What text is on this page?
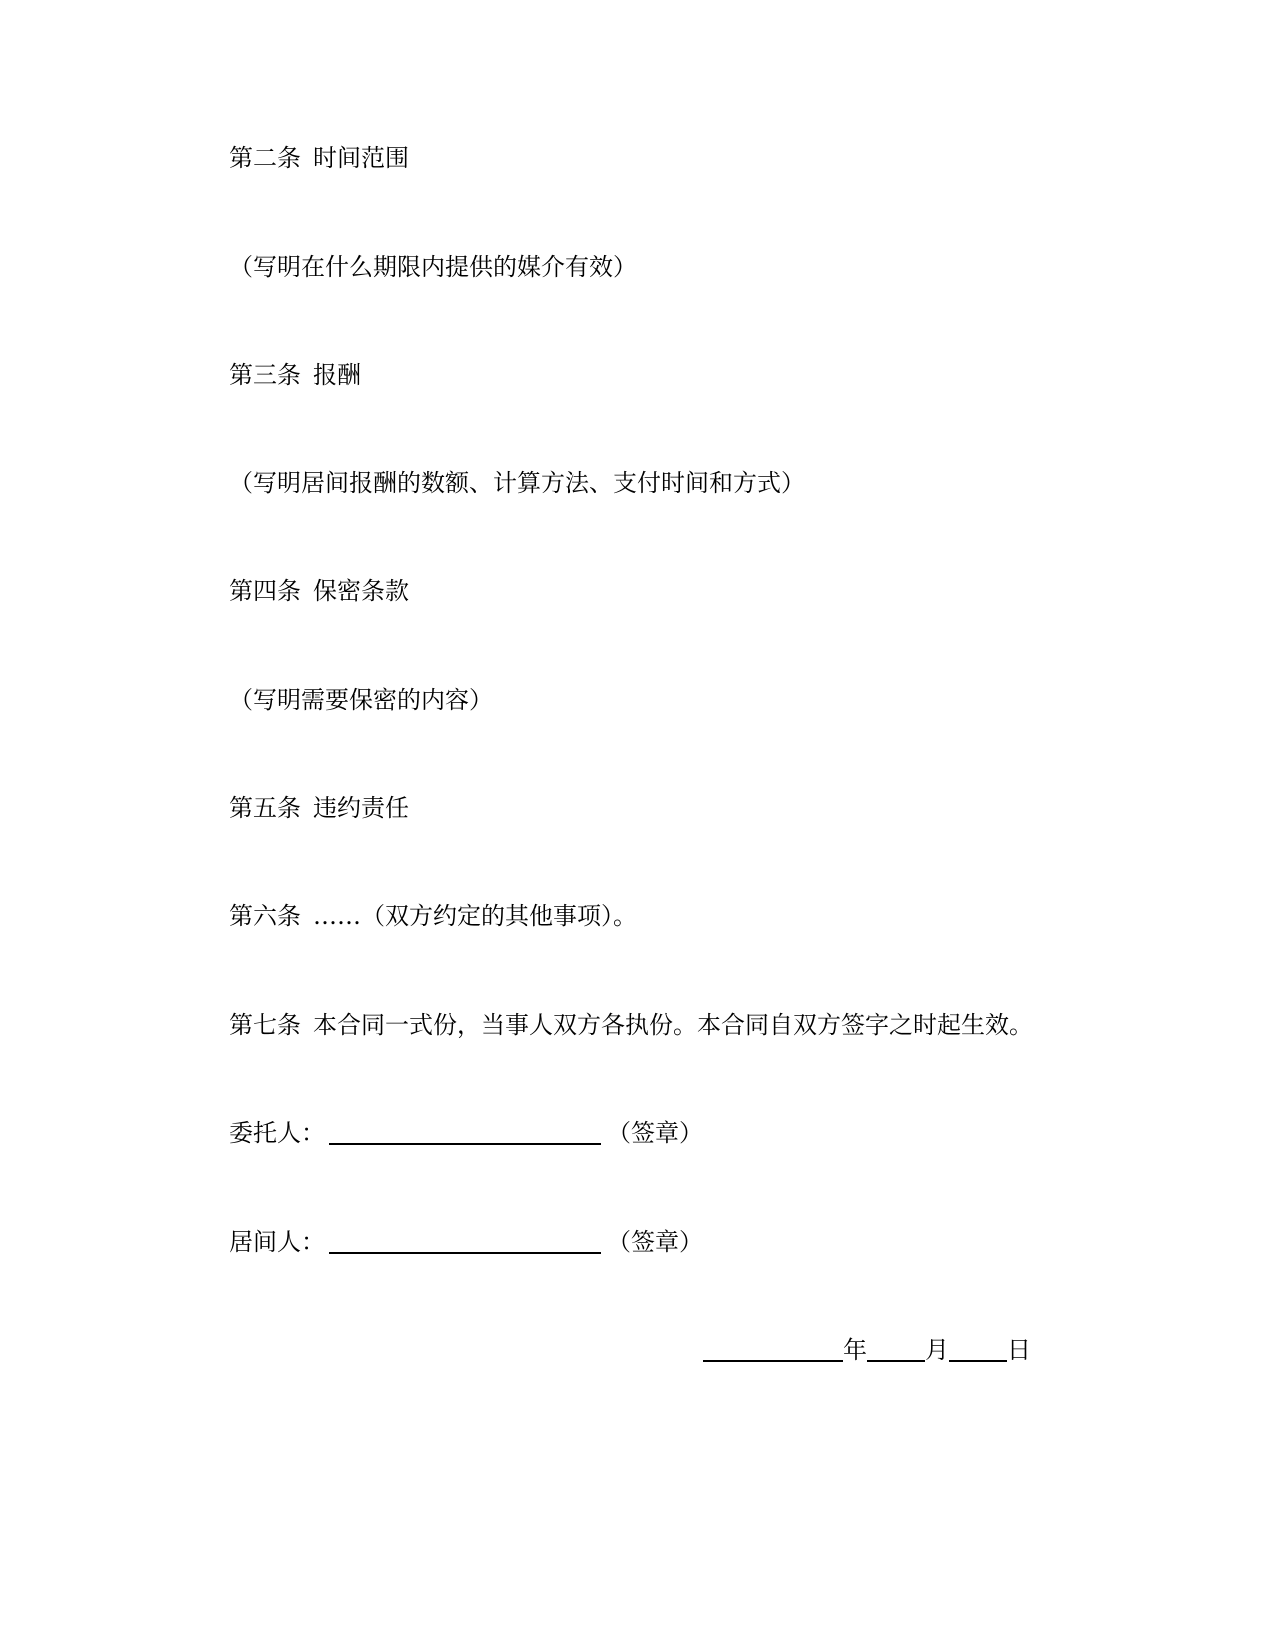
第二条 时间范围
（写明在什么期限内提供的媒介有效）
第三条 报酬
（写明居间报酬的数额、计算方法、支付时间和方式）
第四条 保密条款
（写明需要保密的内容）
第五条 违约责任
第六条 ……（双方约定的其他事项）。
第七条 本合同一式份，当事人双方各执份。本合同自双方签字之时起生效。
委托人：	（签章）
居间人：	（签章）
年 月 日
